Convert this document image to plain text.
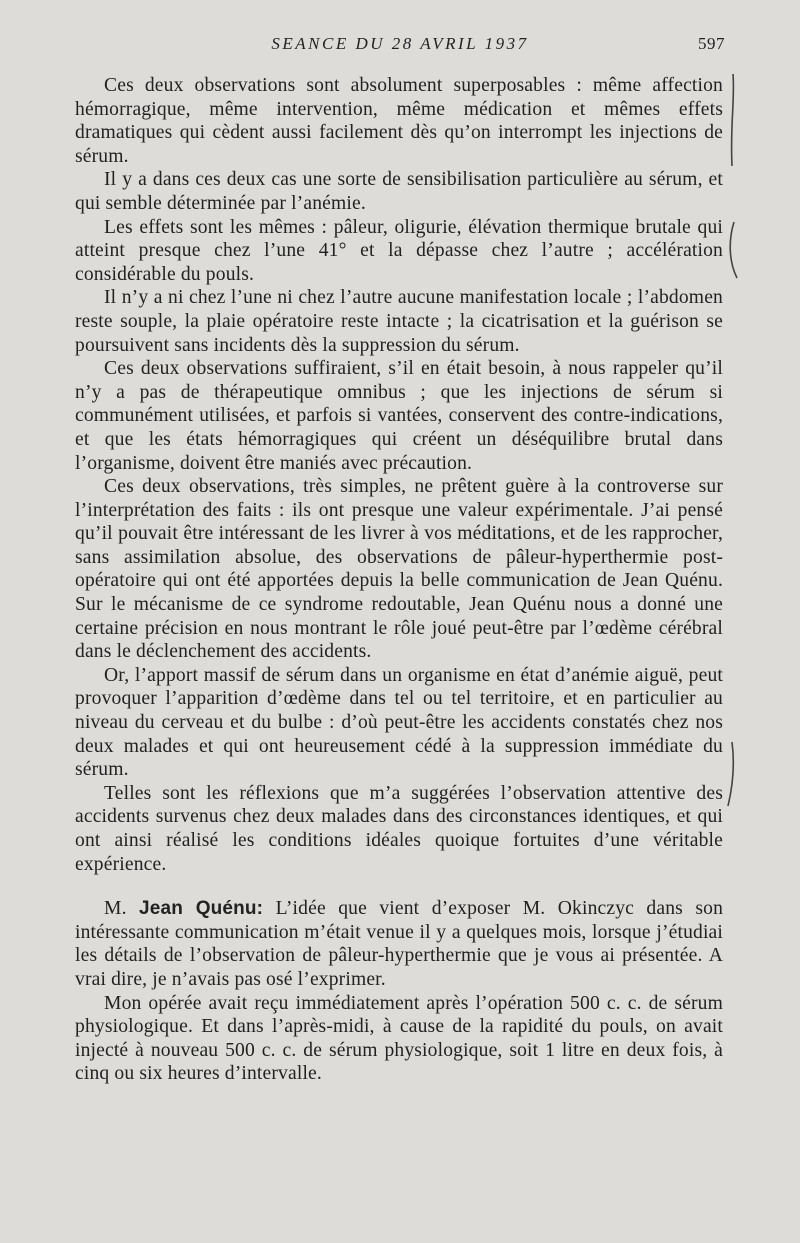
SEANCE DU 28 AVRIL 1937	597

Ces deux observations sont absolument superposables : même affection hémorragique, même intervention, même médication et mêmes effets dramatiques qui cèdent aussi facilement dès qu’on interrompt les injections de sérum.

Il y a dans ces deux cas une sorte de sensibilisation particulière au sérum, et qui semble déterminée par l’anémie.

Les effets sont les mêmes : pâleur, oligurie, élévation thermique brutale qui atteint presque chez l’une 41° et la dépasse chez l’autre ; accélération considérable du pouls.

Il n’y a ni chez l’une ni chez l’autre aucune manifestation locale ; l’abdomen reste souple, la plaie opératoire reste intacte ; la cicatrisation et la guérison se poursuivent sans incidents dès la suppression du sérum.

Ces deux observations suffiraient, s’il en était besoin, à nous rappeler qu’il n’y a pas de thérapeutique omnibus ; que les injections de sérum si communément utilisées, et parfois si vantées, conservent des contre-indications, et que les états hémorragiques qui créent un déséquilibre brutal dans l’organisme, doivent être maniés avec précaution.

Ces deux observations, très simples, ne prêtent guère à la controverse sur l’interprétation des faits : ils ont presque une valeur expérimentale. J’ai pensé qu’il pouvait être intéressant de les livrer à vos méditations, et de les rapprocher, sans assimilation absolue, des observations de pâleur-hyperthermie post-opératoire qui ont été apportées depuis la belle communication de Jean Quénu. Sur le mécanisme de ce syndrome redoutable, Jean Quénu nous a donné une certaine précision en nous montrant le rôle joué peut-être par l’œdème cérébral dans le déclenchement des accidents.

Or, l’apport massif de sérum dans un organisme en état d’anémie aiguë, peut provoquer l’apparition d’œdème dans tel ou tel territoire, et en particulier au niveau du cerveau et du bulbe : d’où peut-être les accidents constatés chez nos deux malades et qui ont heureusement cédé à la suppression immédiate du sérum.

Telles sont les réflexions que m’a suggérées l’observation attentive des accidents survenus chez deux malades dans des circonstances identiques, et qui ont ainsi réalisé les conditions idéales quoique fortuites d’une véritable expérience.

M. Jean Quénu: L’idée que vient d’exposer M. Okinczyc dans son intéressante communication m’était venue il y a quelques mois, lorsque j’étudiai les détails de l’observation de pâleur-hyperthermie que je vous ai présentée. A vrai dire, je n’avais pas osé l’exprimer.

Mon opérée avait reçu immédiatement après l’opération 500 c. c. de sérum physiologique. Et dans l’après-midi, à cause de la rapidité du pouls, on avait injecté à nouveau 500 c. c. de sérum physiologique, soit 1 litre en deux fois, à cinq ou six heures d’intervalle.
